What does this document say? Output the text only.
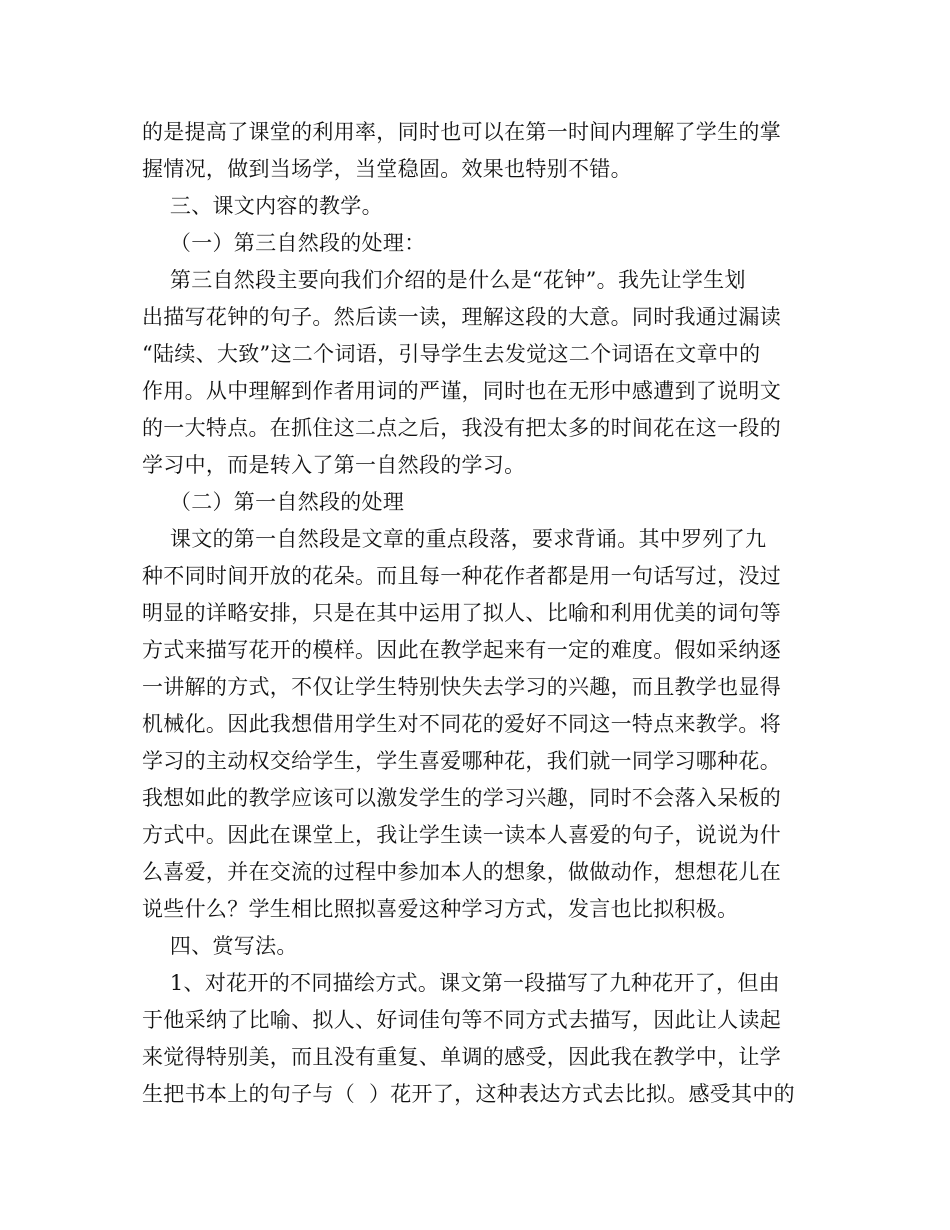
的是提高了课堂的利用率，同时也可以在第一时间内理解了学生的掌
握情况，做到当场学，当堂稳固。效果也特别不错。
三、课文内容的教学。
（一）第三自然段的处理：
第三自然段主要向我们介绍的是什么是“花钟”。我先让学生划
出描写花钟的句子。然后读一读，理解这段的大意。同时我通过漏读
“陆续、大致”这二个词语，引导学生去发觉这二个词语在文章中的
作用。从中理解到作者用词的严谨，同时也在无形中感遭到了说明文
的一大特点。在抓住这二点之后，我没有把太多的时间花在这一段的
学习中，而是转入了第一自然段的学习。
（二）第一自然段的处理
课文的第一自然段是文章的重点段落，要求背诵。其中罗列了九
种不同时间开放的花朵。而且每一种花作者都是用一句话写过，没过
明显的详略安排，只是在其中运用了拟人、比喻和利用优美的词句等
方式来描写花开的模样。因此在教学起来有一定的难度。假如采纳逐
一讲解的方式，不仅让学生特别快失去学习的兴趣，而且教学也显得
机械化。因此我想借用学生对不同花的爱好不同这一特点来教学。将
学习的主动权交给学生，学生喜爱哪种花，我们就一同学习哪种花。
我想如此的教学应该可以激发学生的学习兴趣，同时不会落入呆板的
方式中。因此在课堂上，我让学生读一读本人喜爱的句子，说说为什
么喜爱，并在交流的过程中参加本人的想象，做做动作，想想花儿在
说些什么？学生相比照拟喜爱这种学习方式，发言也比拟积极。
四、赏写法。
1、对花开的不同描绘方式。课文第一段描写了九种花开了，但由
于他采纳了比喻、拟人、好词佳句等不同方式去描写，因此让人读起
来觉得特别美，而且没有重复、单调的感受，因此我在教学中，让学
生把书本上的句子与（  ）花开了，这种表达方式去比拟。感受其中的
